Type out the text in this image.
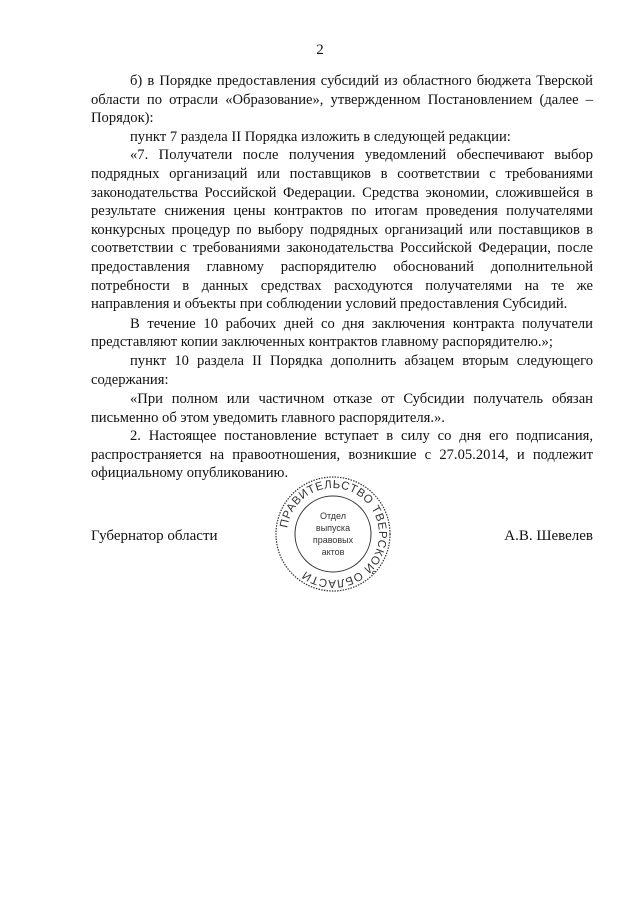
2

б) в Порядке предоставления субсидий из областного бюджета Тверской области по отрасли «Образование», утвержденном Постановлением (далее – Порядок):

пункт 7 раздела II Порядка изложить в следующей редакции:

«7. Получатели после получения уведомлений обеспечивают выбор подрядных организаций или поставщиков в соответствии с требованиями законодательства Российской Федерации. Средства экономии, сложившейся в результате снижения цены контрактов по итогам проведения получателями конкурсных процедур по выбору подрядных организаций или поставщиков в соответствии с требованиями законодательства Российской Федерации, после предоставления главному распорядителю обоснований дополнительной потребности в данных средствах расходуются получателями на те же направления и объекты при соблюдении условий предоставления Субсидий.

В течение 10 рабочих дней со дня заключения контракта получатели представляют копии заключенных контрактов главному распорядителю.»;

пункт 10 раздела II Порядка дополнить абзацем вторым следующего содержания:

«При полном или частичном отказе от Субсидии получатель обязан письменно об этом уведомить главного распорядителя.».

2. Настоящее постановление вступает в силу со дня его подписания, распространяется на правоотношения, возникшие с 27.05.2014, и подлежит официальному опубликованию.

Губернатор области
ПРАВИТЕЛЬСТВО ТВЕРСКОЙ ОБЛАСТИ
Отдел
выпуска
правовых
актов
А.В. Шевелев
